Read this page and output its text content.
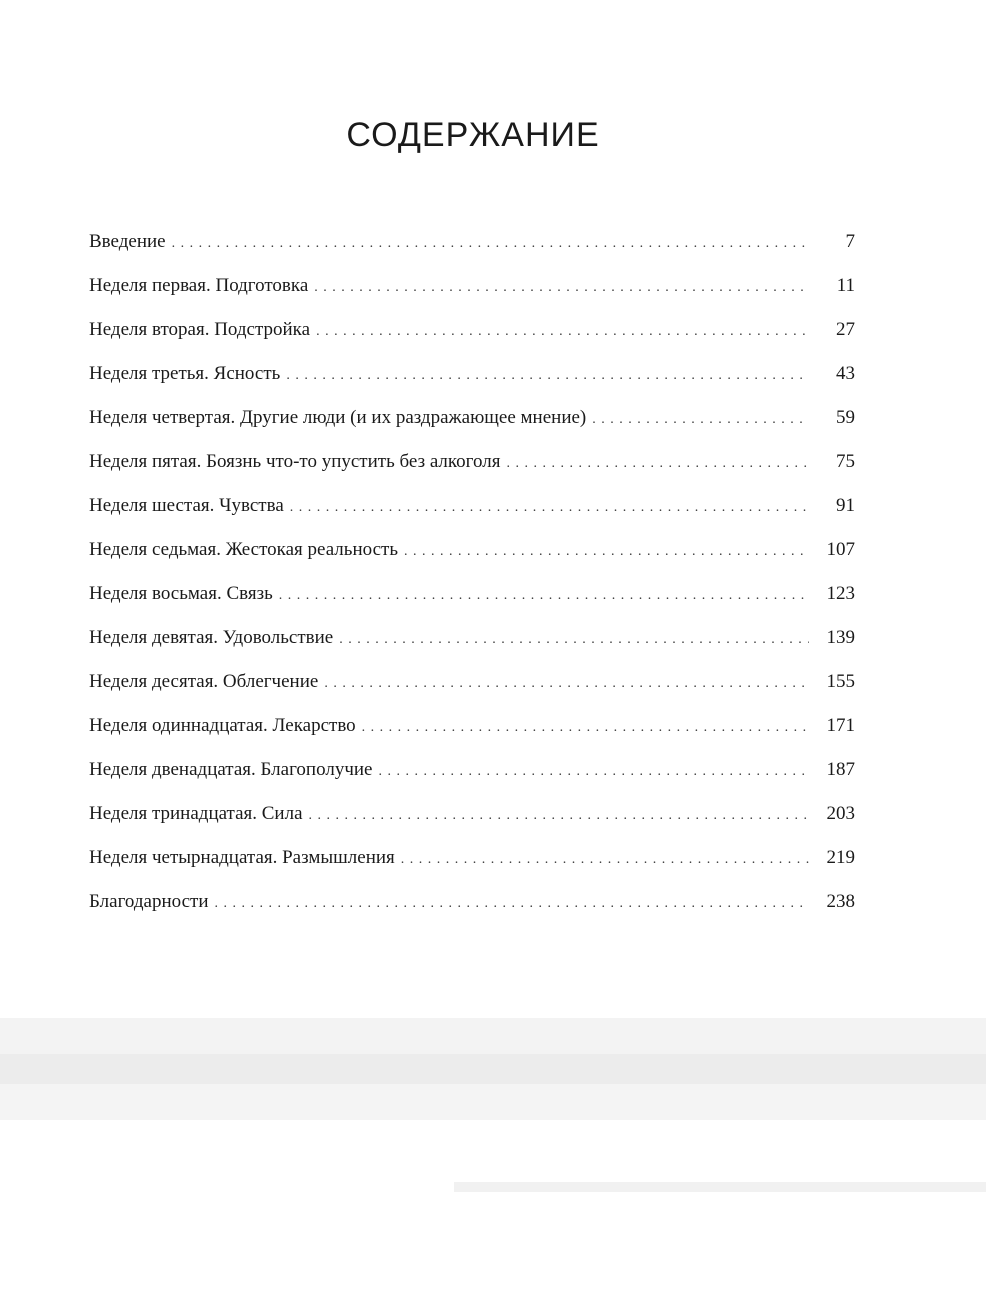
СОДЕРЖАНИЕ
Введение . . .	7
Неделя первая. Подготовка . . .	11
Неделя вторая. Подстройка . . .	27
Неделя третья. Ясность . . .	43
Неделя четвертая. Другие люди (и их раздражающее мнение) . . .	59
Неделя пятая. Боязнь что-то упустить без алкоголя . . .	75
Неделя шестая. Чувства . . .	91
Неделя седьмая. Жестокая реальность . . .	107
Неделя восьмая. Связь . . .	123
Неделя девятая. Удовольствие . . .	139
Неделя десятая. Облегчение . . .	155
Неделя одиннадцатая. Лекарство . . .	171
Неделя двенадцатая. Благополучие . . .	187
Неделя тринадцатая. Сила . . .	203
Неделя четырнадцатая. Размышления . . .	219
Благодарности . . .	238
